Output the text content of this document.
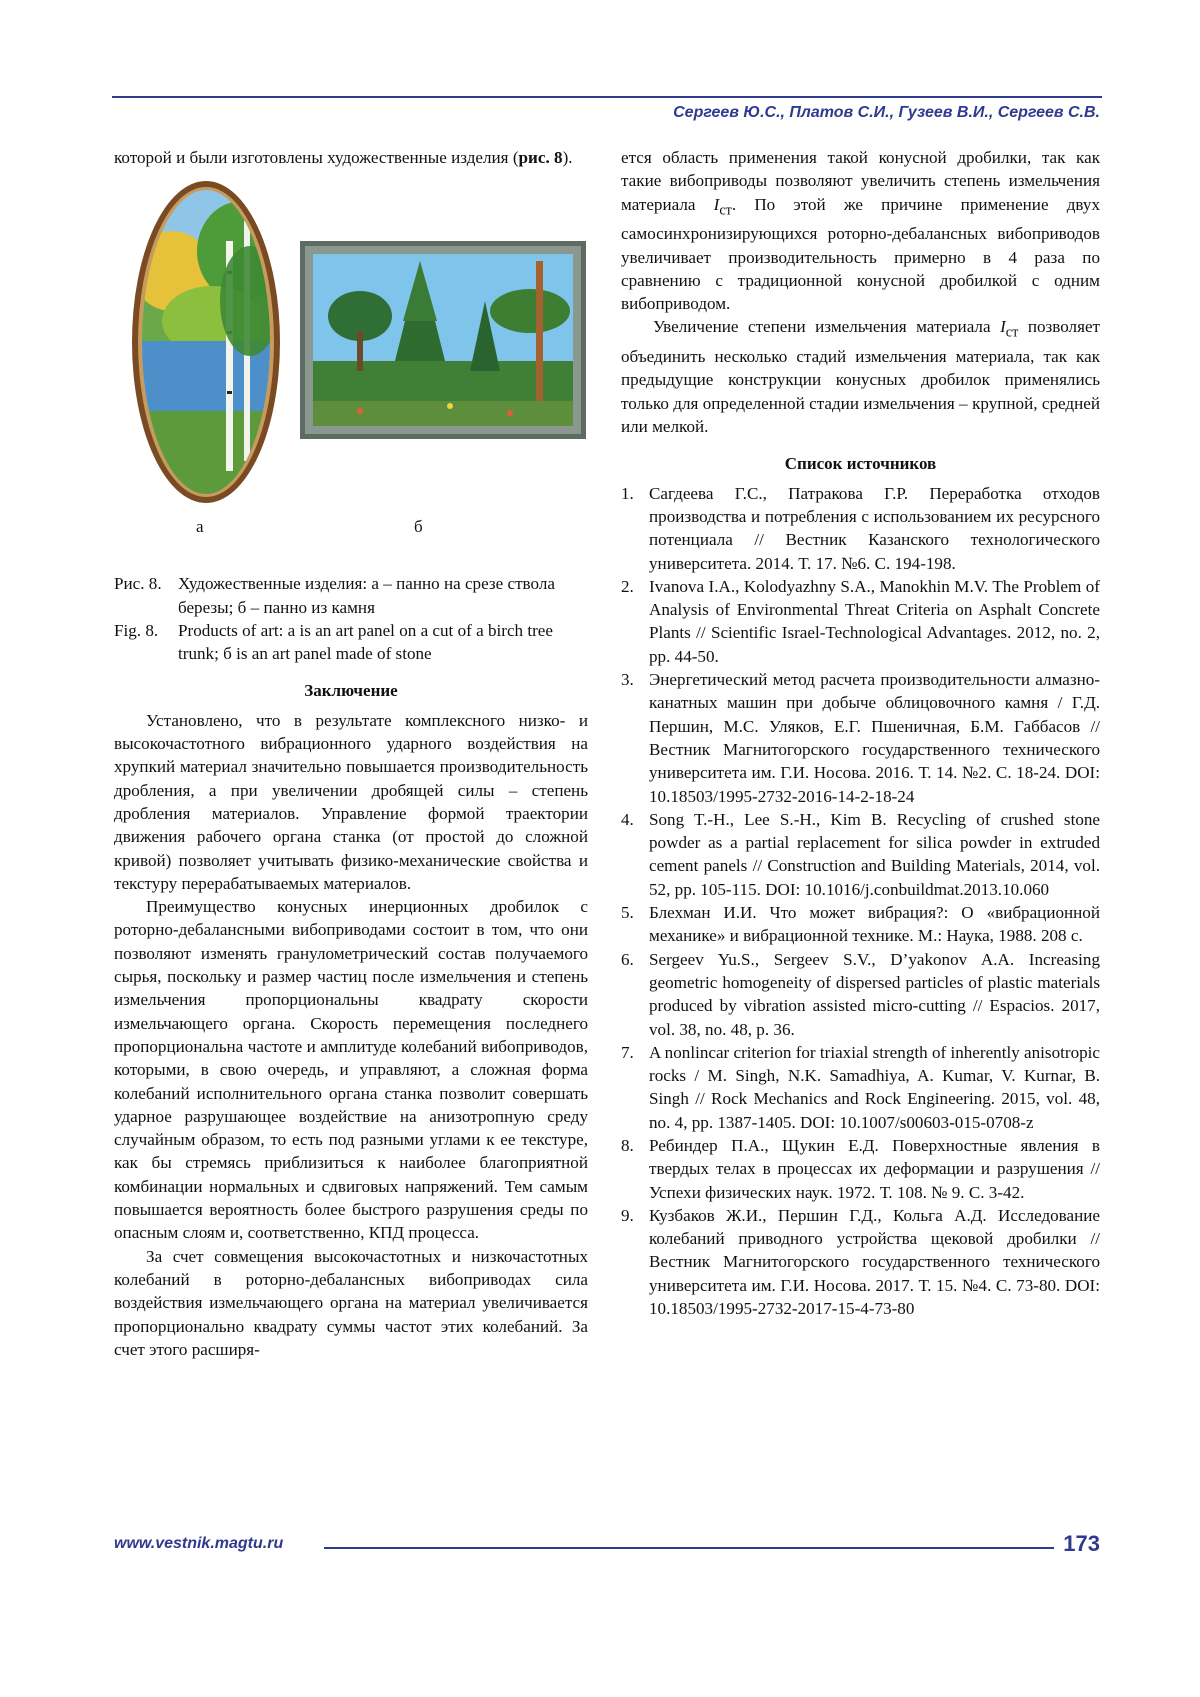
Сергеев Ю.С., Платов С.И., Гузеев В.И., Сергеев С.В.

которой и были изготовлены художественные изделия (рис. 8).

а	б
Рис. 8. Художественные изделия: а – панно на срезе ствола березы; б – панно из камня
Fig. 8.	Products of art: a is an art panel on a cut of a birch tree trunk; б is an art panel made of stone
Заключение

Установлено, что в результате комплексного низко- и высокочастотного вибрационного ударного воздействия на хрупкий материал значительно повышается производительность дробления, а при увеличении дробящей силы – степень дробления материалов. Управление формой траектории движения рабочего органа станка (от простой до сложной кривой) позволяет учитывать физико-механические свойства и текстуру перерабатываемых материалов.

Преимущество конусных инерционных дробилок с роторно-дебалансными вибоприводами состоит в том, что они позволяют изменять гранулометрический состав получаемого сырья, поскольку и размер частиц после измельчения и степень измельчения пропорциональны квадрату скорости измельчающего органа. Скорость перемещения последнего пропорциональна частоте и амплитуде колебаний вибоприводов, которыми, в свою очередь, и управляют, а сложная форма колебаний исполнительного органа станка позволит совершать ударное разрушающее воздействие на анизотропную среду случайным образом, то есть под разными углами к ее текстуре, как бы стремясь приблизиться к наиболее благоприятной комбинации нормальных и сдвиговых напряжений. Тем самым повышается вероятность более быстрого разрушения среды по опасным слоям и, соответственно, КПД процесса.

За счет совмещения высокочастотных и низкочастотных колебаний в роторно-дебалансных вибоприводах сила воздействия измельчающего органа на материал увеличивается пропорционально квадрату суммы частот этих колебаний. За счет этого расширя-

ется область применения такой конусной дробилки, так как такие вибоприводы позволяют увеличить степень измельчения материала $I_{ст}$. По этой же причине применение двух самосинхронизирующихся роторно-дебалансных вибоприводов увеличивает производительность примерно в 4 раза по сравнению с традиционной конусной дробилкой с одним вибоприводом.

Увеличение степени измельчения материала $I_{ст}$ позволяет объединить несколько стадий измельчения материала, так как предыдущие конструкции конусных дробилок применялись только для определенной стадии измельчения – крупной, средней или мелкой.

Список источников
1. Сагдеева Г.С., Патракова Г.Р. Переработка отходов производства и потребления с использованием их ресурсного потенциала // Вестник Казанского технологического университета. 2014. Т. 17. №6. С. 194-198.
2. Ivanova I.A., Kolodyazhny S.A., Manokhin M.V. The Problem of Analysis of Environmental Threat Criteria on Asphalt Concrete Plants // Scientific Israel-Technological Advantages. 2012, no. 2, pp. 44-50.
3. Энергетический метод расчета производительности алмазно-канатных машин при добыче облицовочного камня / Г.Д. Першин, М.С. Уляков, Е.Г. Пшеничная, Б.М. Габбасов // Вестник Магнитогорского государственного технического университета им. Г.И. Носова. 2016. Т. 14. №2. С. 18-24. DOI: 10.18503/1995-2732-2016-14-2-18-24
4. Song T.-H., Lee S.-H., Kim B. Recycling of crushed stone powder as a partial replacement for silica powder in extruded cement panels // Construction and Building Materials, 2014, vol. 52, pp. 105-115. DOI: 10.1016/j.conbuildmat.2013.10.060
5. Блехман И.И. Что может вибрация?: О «вибрационной механике» и вибрационной технике. М.: Наука, 1988. 208 с.
6. Sergeev Yu.S., Sergeev S.V., D’yakonov A.A. Increasing geometric homogeneity of dispersed particles of plastic materials produced by vibration assisted micro-cutting // Espacios. 2017, vol. 38, no. 48, p. 36.
7. A nonlincar criterion for triaxial strength of inherently anisotropic rocks / M. Singh, N.K. Samadhiya, A. Kumar, V. Kurnar, B. Singh // Rock Mechanics and Rock Engineering. 2015, vol. 48, no. 4, pp. 1387-1405. DOI: 10.1007/s00603-015-0708-z
8. Ребиндер П.А., Щукин Е.Д. Поверхностные явления в твердых телах в процессах их деформации и разрушения // Успехи физических наук. 1972. Т. 108. № 9. С. 3-42.
9. Кузбаков Ж.И., Першин Г.Д., Кольга А.Д. Исследование колебаний приводного устройства щековой дробилки // Вестник Магнитогорского государственного технического университета им. Г.И. Носова. 2017. Т. 15. №4. С. 73-80. DOI: 10.18503/1995-2732-2017-15-4-73-80
www.vestnik.magtu.ru	173
